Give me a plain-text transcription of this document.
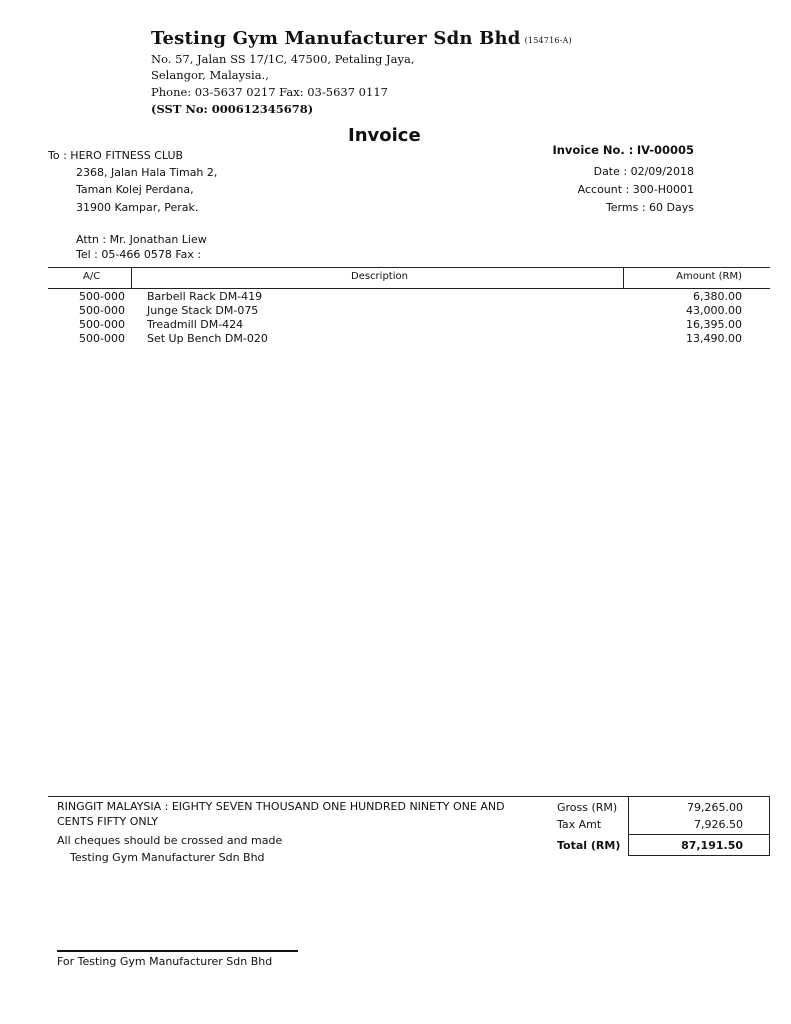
Testing Gym Manufacturer Sdn Bhd (154716-A)
No. 57, Jalan SS 17/1C, 47500, Petaling Jaya,
Selangor, Malaysia.,
Phone: 03-5637 0217 Fax: 03-5637 0117
(SST No: 000612345678)
Invoice
Invoice No. : IV-00005
Date : 02/09/2018
Account : 300-H0001
Terms : 60 Days
To : HERO FITNESS CLUB
2368, Jalan Hala Timah 2,
Taman Kolej Perdana,
31900 Kampar, Perak.
Attn : Mr. Jonathan Liew
Tel : 05-466 0578 Fax :
A/C	Description	Amount (RM)
500-000 Barbell Rack DM-419	6,380.00
500-000 Junge Stack DM-075	43,000.00
500-000 Treadmill DM-424	16,395.00
500-000 Set Up Bench DM-020	13,490.00
RINGGIT MALAYSIA : EIGHTY SEVEN THOUSAND ONE HUNDRED NINETY ONE AND
CENTS FIFTY ONLY
All cheques should be crossed and made
Testing Gym Manufacturer Sdn Bhd
Gross (RM)	79,265.00
Tax Amt	7,926.50
Total (RM)	87,191.50
For Testing Gym Manufacturer Sdn Bhd
